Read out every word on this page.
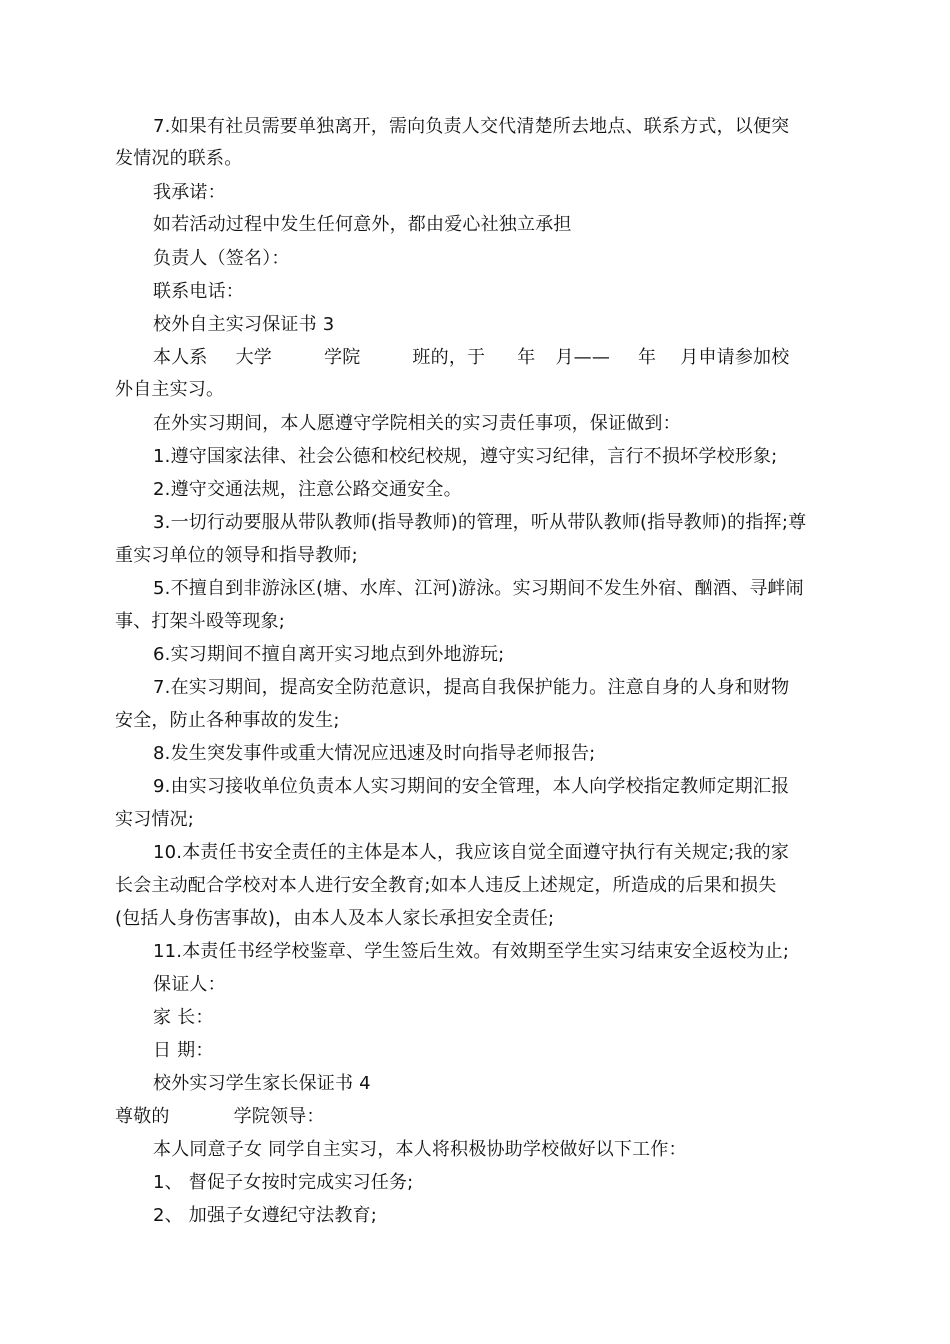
7.如果有社员需要单独离开，需向负责人交代清楚所去地点、联系方式，以便突
发情况的联系。
我承诺：
如若活动过程中发生任何意外，都由爱心社独立承担
负责人（签名）：
联系电话：
校外自主实习保证书 3
本人系 大学	学院	班的，于 年 月—— 年 月申请参加校
外自主实习。
在外实习期间，本人愿遵守学院相关的实习责任事项，保证做到：
1.遵守国家法律、社会公德和校纪校规，遵守实习纪律，言行不损坏学校形象;
2.遵守交通法规，注意公路交通安全。
3.一切行动要服从带队教师(指导教师)的管理，听从带队教师(指导教师)的指挥;尊
重实习单位的领导和指导教师;
5.不擅自到非游泳区(塘、水库、江河)游泳。实习期间不发生外宿、酗酒、寻衅闹
事、打架斗殴等现象;
6.实习期间不擅自离开实习地点到外地游玩;
7.在实习期间，提高安全防范意识，提高自我保护能力。注意自身的人身和财物
安全，防止各种事故的发生;
8.发生突发事件或重大情况应迅速及时向指导老师报告;
9.由实习接收单位负责本人实习期间的安全管理，本人向学校指定教师定期汇报
实习情况;
10.本责任书安全责任的主体是本人，我应该自觉全面遵守执行有关规定;我的家
长会主动配合学校对本人进行安全教育;如本人违反上述规定，所造成的后果和损失
(包括人身伤害事故)，由本人及本人家长承担安全责任;
11.本责任书经学校鉴章、学生签后生效。有效期至学生实习结束安全返校为止;
保证人：
家 长：
日 期：
校外实习学生家长保证书 4
尊敬的	学院领导：
本人同意子女 同学自主实习，本人将积极协助学校做好以下工作：
1、 督促子女按时完成实习任务;
2、 加强子女遵纪守法教育;
